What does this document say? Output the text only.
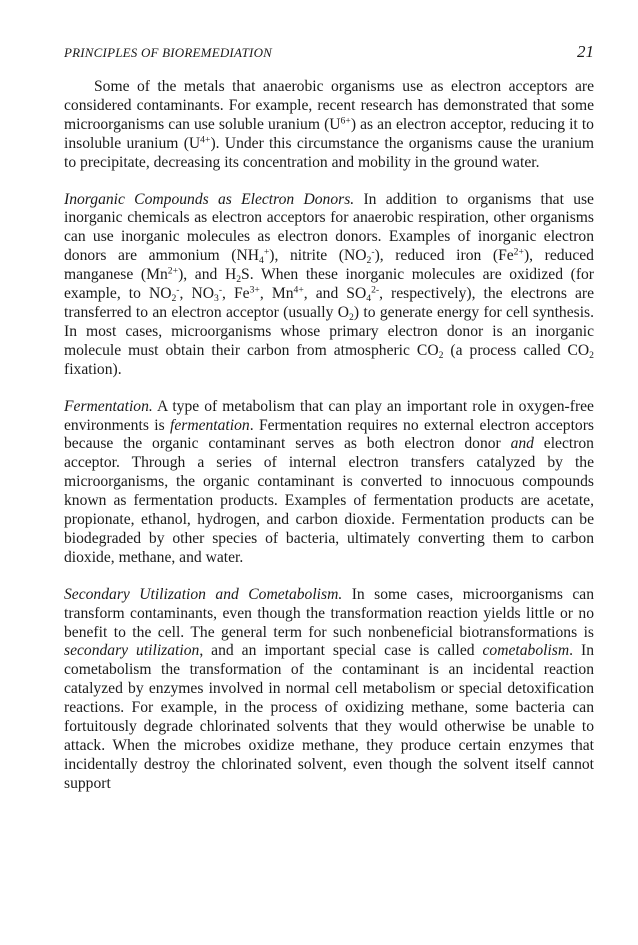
PRINCIPLES OF BIOREMEDIATION	21

Some of the metals that anaerobic organisms use as electron acceptors are considered contaminants. For example, recent research has demonstrated that some microorganisms can use soluble uranium $(U^{6+})$ as an electron acceptor, reducing it to insoluble uranium $(U^{4+})$. Under this circumstance the organisms cause the uranium to precipitate, decreasing its concentration and mobility in the ground water.

Inorganic Compounds as Electron Donors. In addition to organisms that use inorganic chemicals as electron acceptors for anaerobic respiration, other organisms can use inorganic molecules as electron donors. Examples of inorganic electron donors are ammonium $(NH_4^+)$, nitrite $(NO_2^-)$, reduced iron $(Fe^{2+})$, reduced manganese $(Mn^{2+})$, and $H_2S$. When these inorganic molecules are oxidized (for example, to $NO_2^-$, $NO_3^-$, $Fe^{3+}$, $Mn^{4+}$, and $SO_4^{2-}$, respectively), the electrons are transferred to an electron acceptor (usually $O_2$) to generate energy for cell synthesis. In most cases, microorganisms whose primary electron donor is an inorganic molecule must obtain their carbon from atmospheric $CO_2$ (a process called $CO_2$ fixation).

Fermentation. A type of metabolism that can play an important role in oxygen-free environments is fermentation. Fermentation requires no external electron acceptors because the organic contaminant serves as both electron donor and electron acceptor. Through a series of internal electron transfers catalyzed by the microorganisms, the organic contaminant is converted to innocuous compounds known as fermentation products. Examples of fermentation products are acetate, propionate, ethanol, hydrogen, and carbon dioxide. Fermentation products can be biodegraded by other species of bacteria, ultimately converting them to carbon dioxide, methane, and water.

Secondary Utilization and Cometabolism. In some cases, microorganisms can transform contaminants, even though the transformation reaction yields little or no benefit to the cell. The general term for such nonbeneficial biotransformations is secondary utilization, and an important special case is called cometabolism. In cometabolism the transformation of the contaminant is an incidental reaction catalyzed by enzymes involved in normal cell metabolism or special detoxification reactions. For example, in the process of oxidizing methane, some bacteria can fortuitously degrade chlorinated solvents that they would otherwise be unable to attack. When the microbes oxidize methane, they produce certain enzymes that incidentally destroy the chlorinated solvent, even though the solvent itself cannot support
